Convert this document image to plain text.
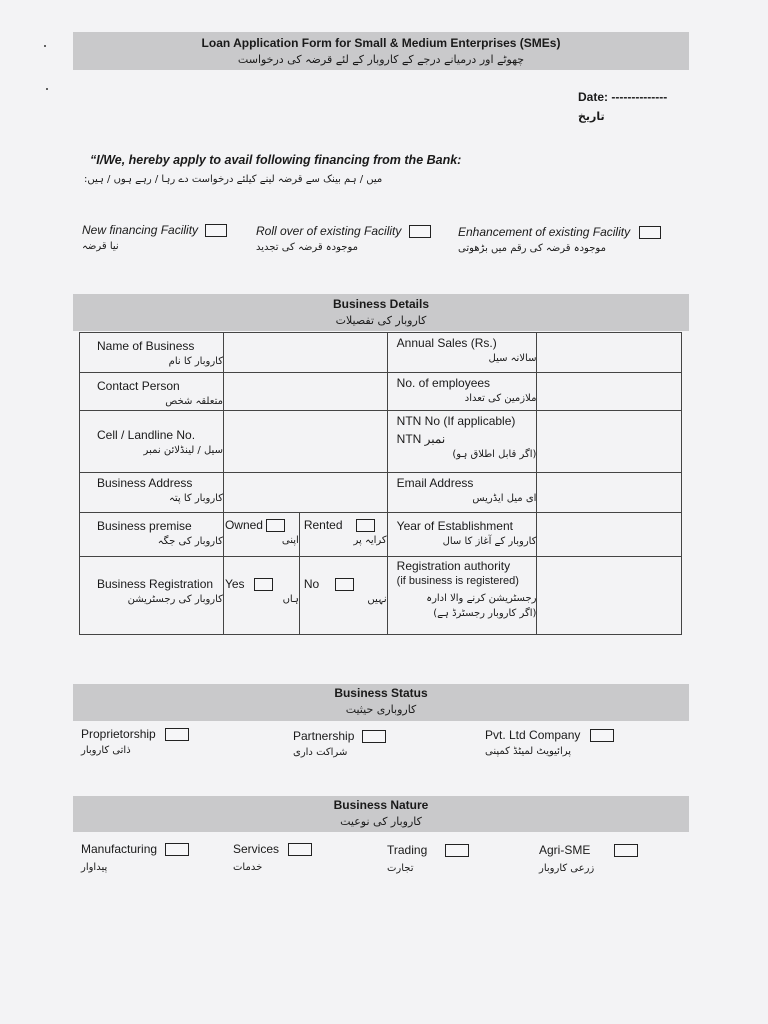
Loan Application Form for Small & Medium Enterprises (SMEs)
چھوٹے اور درمیانے درجے کے کاروبار کے لئے قرضہ کی درخواست
Date: --------------
تاریخ
“I/We, hereby apply to avail following financing from the Bank:
میں / ہم بینک سے قرضہ لینے کیلئے درخواست دے رہا / رہے ہوں / ہیں:
New financing Facility
نیا قرضہ
Roll over of existing Facility
موجودہ قرضہ کی تجدید
Enhancement of existing Facility
موجودہ قرضہ کی رقم میں بڑھوتی
Business Details
کاروبار کی تفصیلات
Name of Business
کاروبار کا نام			Annual Sales (Rs.)
سالانہ سیل	

Contact Person
متعلقہ شخص			No. of employees
ملازمین کی تعداد	

Cell / Landline No.
سیل / لینڈلائن نمبر			NTN No (If applicable)
NTN نمبر
(اگر قابل اطلاق ہو)	

Business Address
کاروبار کا پتہ			Email Address
ای میل ایڈریس	

Business premise
کاروبار کی جگہ	Owned
اپنی	Rented
کرایہ پر	Year of Establishment
کاروبار کے آغاز کا سال	

Business Registration
کاروبار کی رجسٹریشن	Yes
ہاں	No
نہیں	Registration authority
(if business is registered)
رجسٹریشن کرنے والا ادارہ
(اگر کاروبار رجسٹرڈ ہے)	

Business Status
کاروباری حیثیت
Proprietorship
ذاتی کاروبار
Partnership
شراکت داری
Pvt. Ltd Company
پرائیویٹ لمیٹڈ کمپنی
Business Nature
کاروبار کی نوعیت
Manufacturing
پیداوار
Services
خدمات
Trading
تجارت
Agri-SME
زرعی کاروبار
